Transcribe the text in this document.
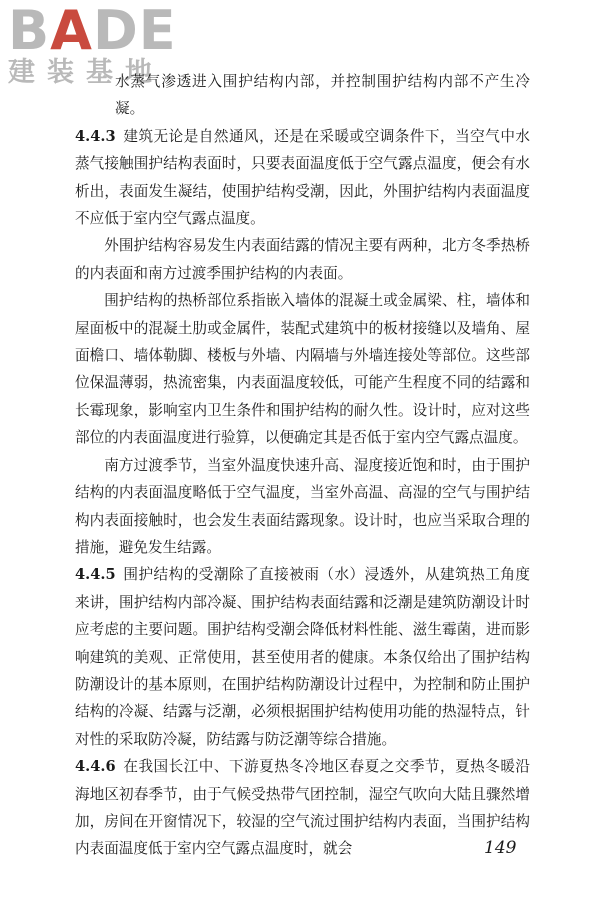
BADE
建装基地

水蒸气渗透进入围护结构内部，并控制围护结构内部不产生冷凝。

4.4.3 建筑无论是自然通风，还是在采暖或空调条件下，当空气中水蒸气接触围护结构表面时，只要表面温度低于空气露点温度，便会有水析出，表面发生凝结，使围护结构受潮，因此，外围护结构内表面温度不应低于室内空气露点温度。

外围护结构容易发生内表面结露的情况主要有两种，北方冬季热桥的内表面和南方过渡季围护结构的内表面。

围护结构的热桥部位系指嵌入墙体的混凝土或金属梁、柱，墙体和屋面板中的混凝土肋或金属件，装配式建筑中的板材接缝以及墙角、屋面檐口、墙体勒脚、楼板与外墙、内隔墙与外墙连接处等部位。这些部位保温薄弱，热流密集，内表面温度较低，可能产生程度不同的结露和长霉现象，影响室内卫生条件和围护结构的耐久性。设计时，应对这些部位的内表面温度进行验算，以便确定其是否低于室内空气露点温度。

南方过渡季节，当室外温度快速升高、湿度接近饱和时，由于围护结构的内表面温度略低于空气温度，当室外高温、高湿的空气与围护结构内表面接触时，也会发生表面结露现象。设计时，也应当采取合理的措施，避免发生结露。

4.4.5 围护结构的受潮除了直接被雨（水）浸透外，从建筑热工角度来讲，围护结构内部冷凝、围护结构表面结露和泛潮是建筑防潮设计时应考虑的主要问题。围护结构受潮会降低材料性能、滋生霉菌，进而影响建筑的美观、正常使用，甚至使用者的健康。本条仅给出了围护结构防潮设计的基本原则，在围护结构防潮设计过程中，为控制和防止围护结构的冷凝、结露与泛潮，必须根据围护结构使用功能的热湿特点，针对性的采取防冷凝，防结露与防泛潮等综合措施。

4.4.6 在我国长江中、下游夏热冬冷地区春夏之交季节，夏热冬暖沿海地区初春季节，由于气候受热带气团控制，湿空气吹向大陆且骤然增加，房间在开窗情况下，较湿的空气流过围护结构内表面，当围护结构内表面温度低于室内空气露点温度时，就会	149
